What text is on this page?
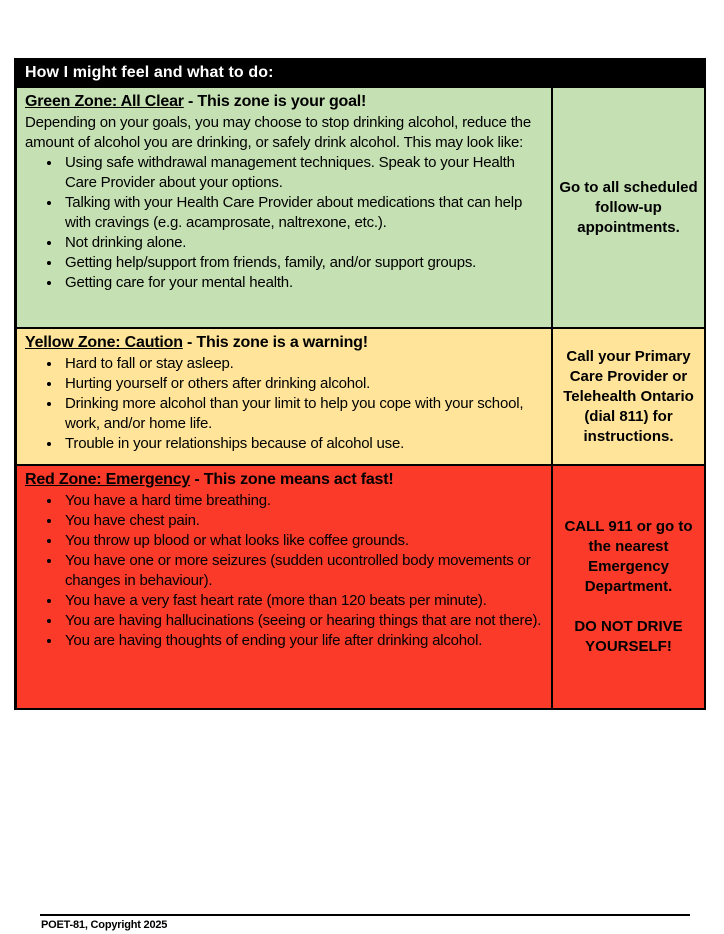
How I might feel and what to do:
Green Zone: All Clear - This zone is your goal!

Depending on your goals, you may choose to stop drinking alcohol, reduce the amount of alcohol you are drinking, or safely drink alcohol. This may look like:

• Using safe withdrawal management techniques. Speak to your Health Care Provider about your options.
• Talking with your Health Care Provider about medications that can help with cravings (e.g. acamprosate, naltrexone, etc.).
• Not drinking alone.
• Getting help/support from friends, family, and/or support groups.
• Getting care for your mental health.
Go to all scheduled follow-up appointments.
Yellow Zone: Caution - This zone is a warning!
• Hard to fall or stay asleep.
• Hurting yourself or others after drinking alcohol.
• Drinking more alcohol than your limit to help you cope with your school, work, and/or home life.
• Trouble in your relationships because of alcohol use.
Call your Primary Care Provider or Telehealth Ontario (dial 811) for instructions.
Red Zone: Emergency - This zone means act fast!
• You have a hard time breathing.
• You have chest pain.
• You throw up blood or what looks like coffee grounds.
• You have one or more seizures (sudden ucontrolled body movements or changes in behaviour).
• You have a very fast heart rate (more than 120 beats per minute).
• You are having hallucinations (seeing or hearing things that are not there).
• You are having thoughts of ending your life after drinking alcohol.
CALL 911 or go to the nearest Emergency Department.
DO NOT DRIVE YOURSELF!
POET-81, Copyright 2025
